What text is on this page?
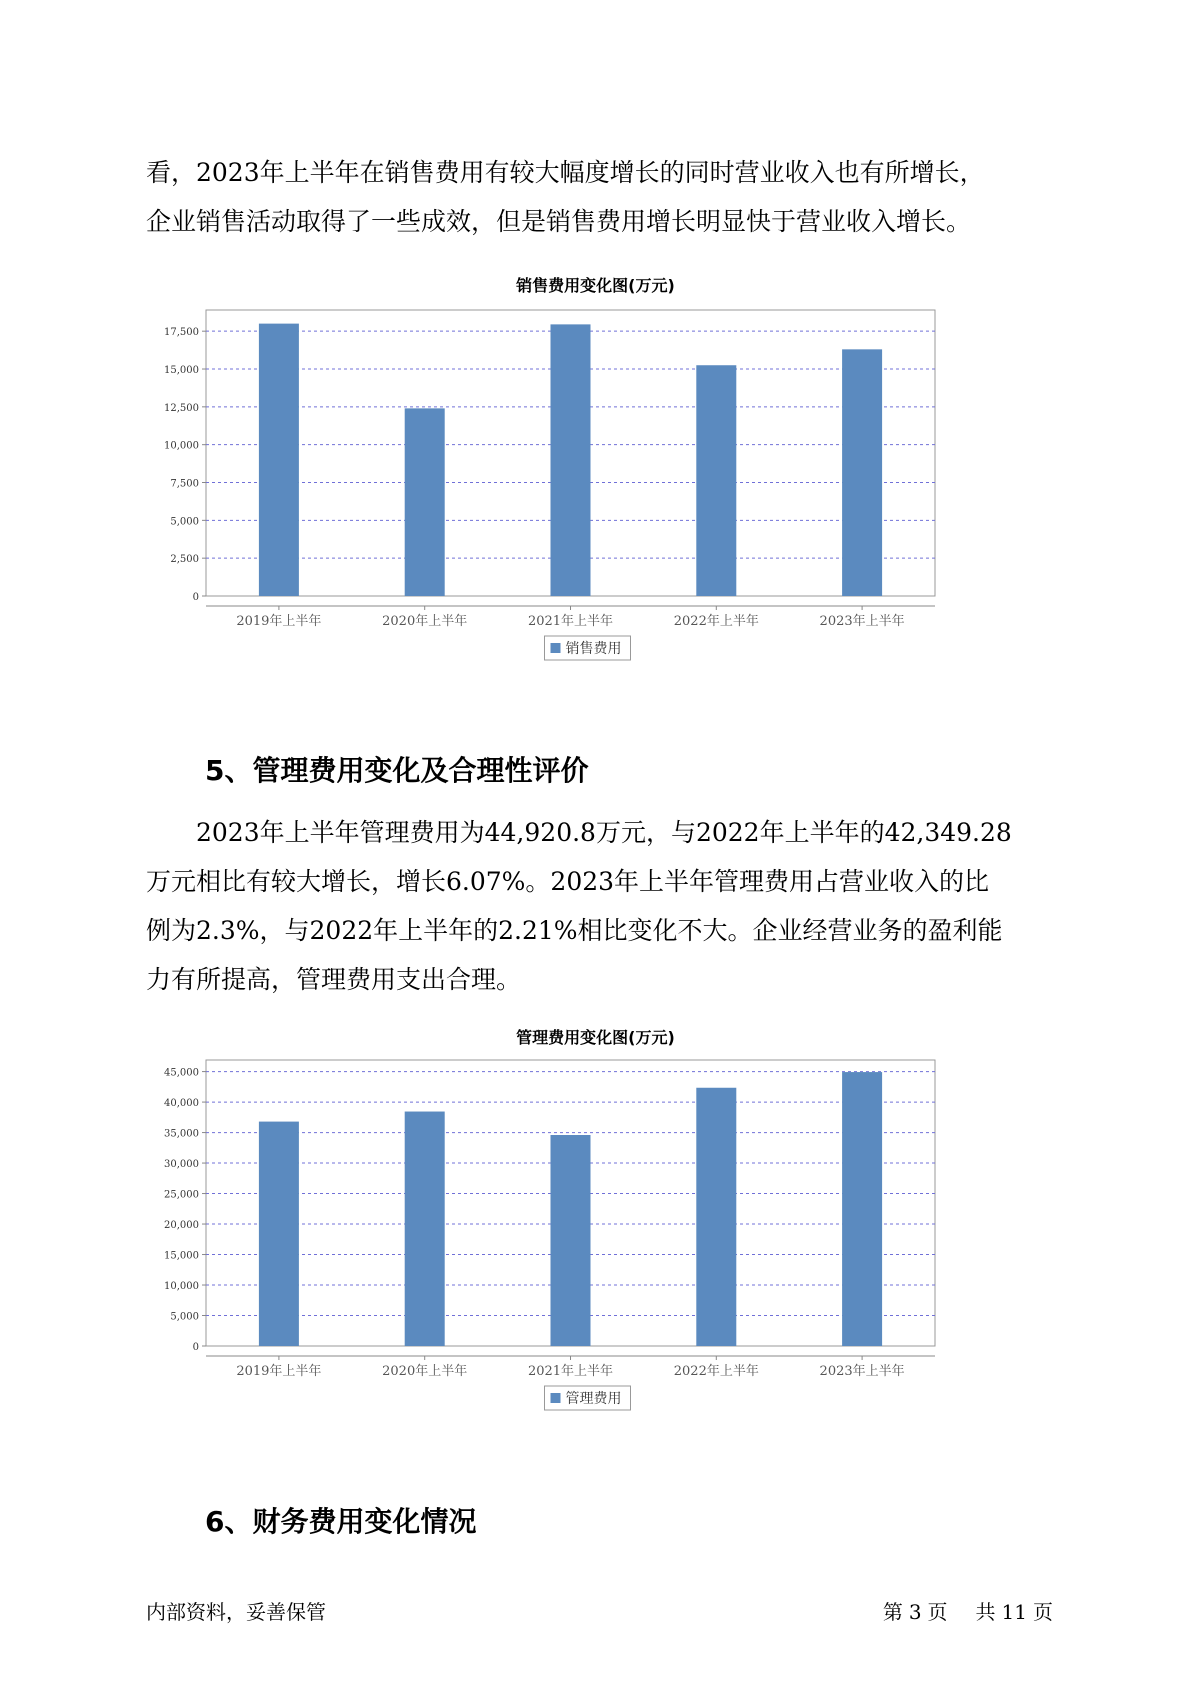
看，2023年上半年在销售费用有较大幅度增长的同时营业收入也有所增长，
企业销售活动取得了一些成效，但是销售费用增长明显快于营业收入增长。
销售费用变化图(万元)
0
2,500
5,000
7,500
10,000
12,500
15,000
17,500
2019年上半年	2020年上半年	2021年上半年	2022年上半年	2023年上半年
销售费用
5、管理费用变化及合理性评价
　　2023年上半年管理费用为44,920.8万元，与2022年上半年的42,349.28
万元相比有较大增长，增长6.07%。2023年上半年管理费用占营业收入的比
例为2.3%，与2022年上半年的2.21%相比变化不大。企业经营业务的盈利能
力有所提高，管理费用支出合理。
管理费用变化图(万元)
0
5,000
10,000
15,000
20,000
25,000
30,000
35,000
40,000
45,000
2019年上半年	2020年上半年	2021年上半年	2022年上半年	2023年上半年
管理费用
6、财务费用变化情况
内部资料，妥善保管	第 3 页 共 11 页
